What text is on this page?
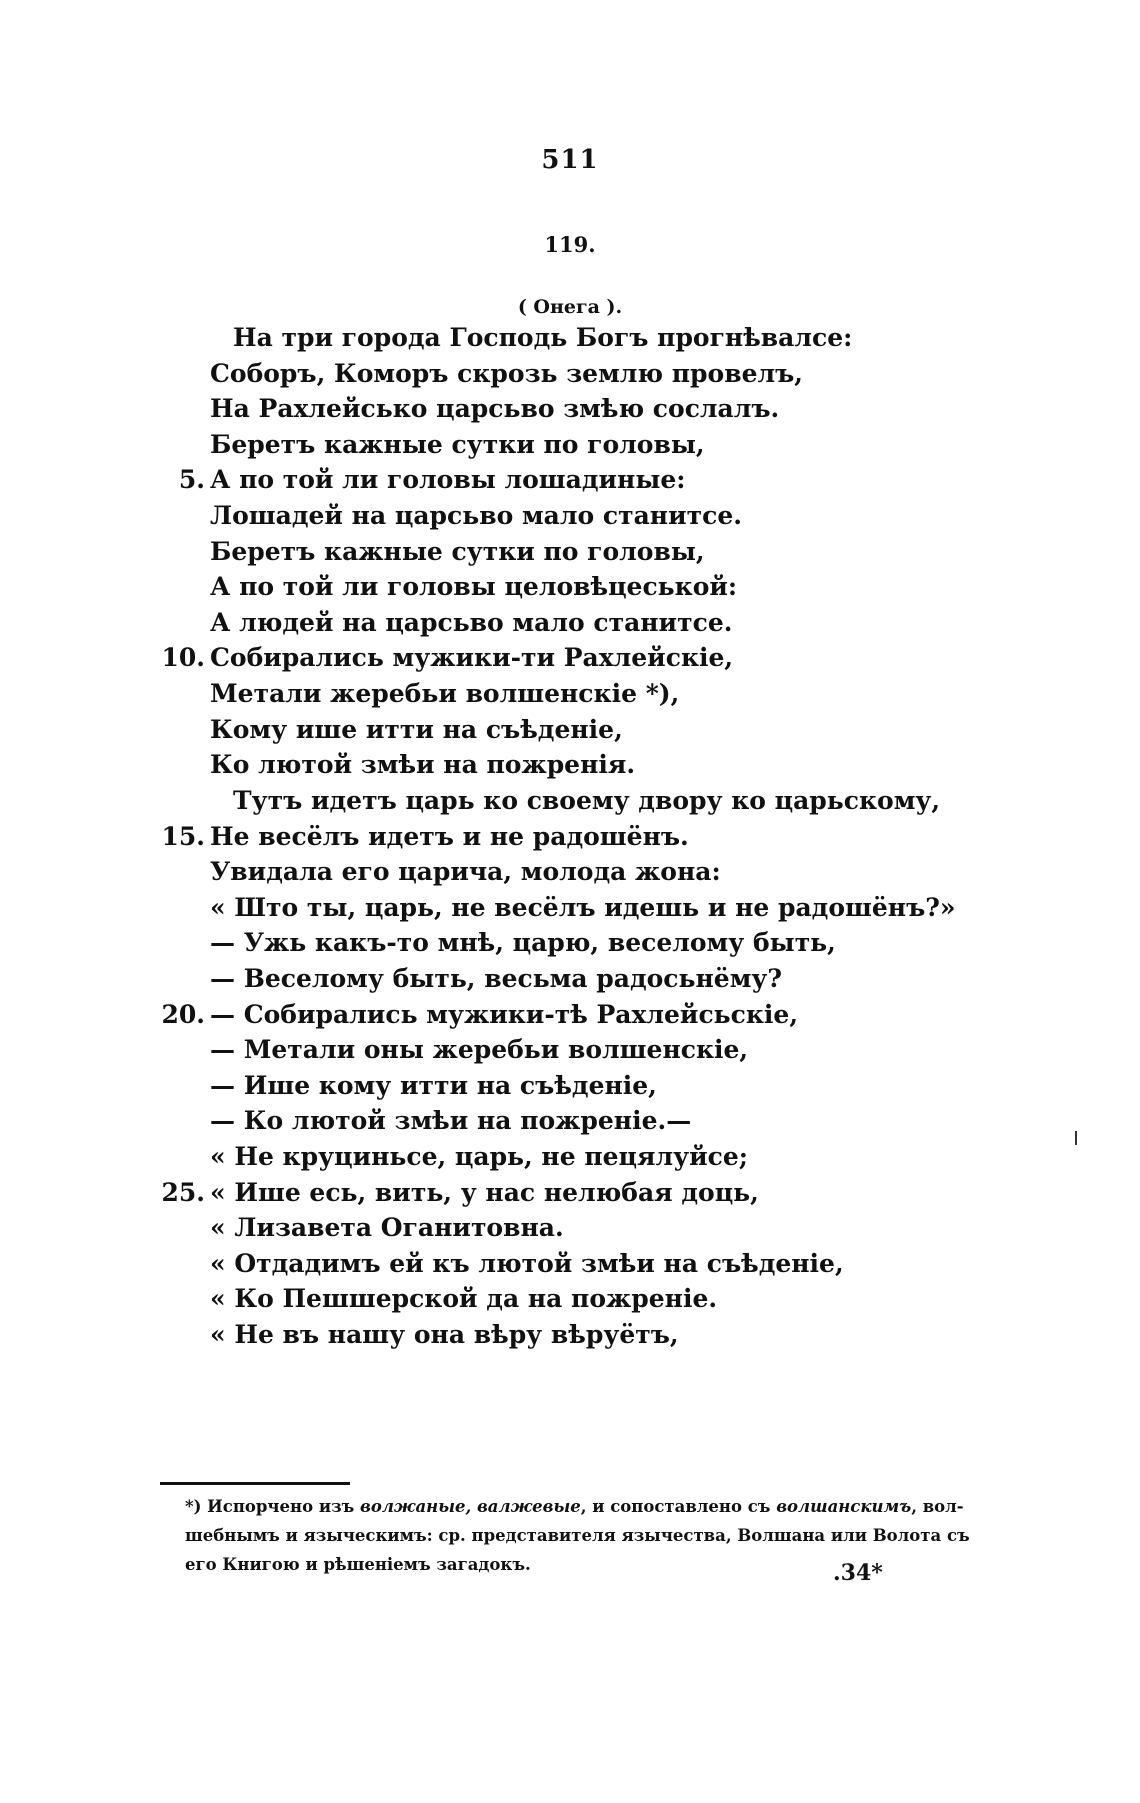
511
119.
( Онега ).
На три города Господь Богъ прогнѣвалсе:
Соборъ, Коморъ скрозь землю провелъ,
На Рахлейсько царсьво змѣю сослалъ.
Беретъ кажные сутки по головы,
5. А по той ли головы лошадиные:
Лошадей на царсьво мало станитсе.
Беретъ кажные сутки по головы,
А по той ли головы целовѣцеськой:
А людей на царсьво мало станитсе.
10. Собирались мужики-ти Рахлейскіе,
Метали жеребьи волшенскіе *),
Кому ише итти на съѣденіе,
Ко лютой змѣи на пожренія.
Тутъ идетъ царь ко своему двору ко царьскому,
15. Не весёлъ идетъ и не радошёнъ.
Увидала его царича, молода жона:
« Што ты, царь, не весёлъ идешь и не радошёнъ?»
— Ужь какъ-то мнѣ, царю, веселому быть,
— Веселому быть, весьма радосьнёму?
20. — Собирались мужики-тѣ Рахлейсьскіе,
— Метали оны жеребьи волшенскіе,
— Ише кому итти на съѣденіе,
— Ко лютой змѣи на пожреніе.—
« Не круциньсе, царь, не пецялуйсе;
25. « Ише есь, вить, у нас нелюбая доць,
« Лизавета Оганитовна.
« Отдадимъ ей къ лютой змѣи на съѣденіе,
« Ко Пешшерской да на пожреніе.
« Не въ нашу она вѣру вѣруётъ,

*) Испорчено изъ волжаные, валжевые, и сопоставлено съ волшанскимъ, вол-

шебнымъ и языческимъ: ср. представителя язычества, Волшана или Волота съ

его Книгою и рѣшеніемъ загадокъ.	.34*
